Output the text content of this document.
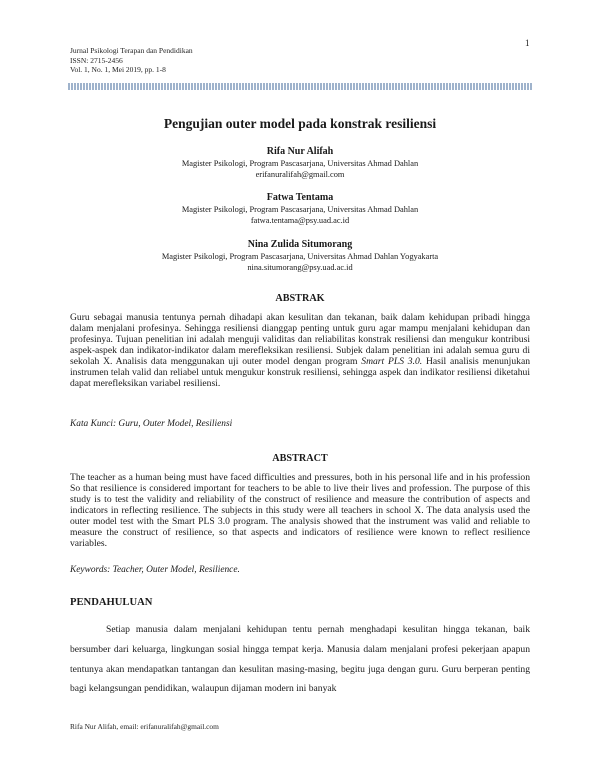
1
Jurnal Psikologi Terapan dan Pendidikan
ISSN: 2715-2456
Vol. 1, No. 1, Mei 2019, pp. 1-8
Pengujian outer model pada konstrak resiliensi
Rifa Nur Alifah
Magister Psikologi, Program Pascasarjana, Universitas Ahmad Dahlan
erifanuralifah@gmail.com
Fatwa Tentama
Magister Psikologi, Program Pascasarjana, Universitas Ahmad Dahlan
fatwa.tentama@psy.uad.ac.id
Nina Zulida Situmorang
Magister Psikologi, Program Pascasarjana, Universitas Ahmad Dahlan Yogyakarta
nina.situmorang@psy.uad.ac.id
ABSTRAK
Guru sebagai manusia tentunya pernah dihadapi akan kesulitan dan tekanan, baik dalam kehidupan pribadi hingga dalam menjalani profesinya. Sehingga resiliensi dianggap penting untuk guru agar mampu menjalani kehidupan dan profesinya. Tujuan penelitian ini adalah menguji validitas dan reliabilitas konstrak resiliensi dan mengukur kontribusi aspek-aspek dan indikator-indikator dalam merefleksikan resiliensi. Subjek dalam penelitian ini adalah semua guru di sekolah X. Analisis data menggunakan uji outer model dengan program Smart PLS 3.0. Hasil analisis menunjukan instrumen telah valid dan reliabel untuk mengukur konstruk resiliensi, sehingga aspek dan indikator resiliensi diketahui dapat merefleksikan variabel resiliensi.
Kata Kunci: Guru, Outer Model, Resiliensi
ABSTRACT
The teacher as a human being must have faced difficulties and pressures, both in his personal life and in his profession So that resilience is considered important for teachers to be able to live their lives and profession. The purpose of this study is to test the validity and reliability of the construct of resilience and measure the contribution of aspects and indicators in reflecting resilience. The subjects in this study were all teachers in school X. The data analysis used the outer model test with the Smart PLS 3.0 program. The analysis showed that the instrument was valid and reliable to measure the construct of resilience, so that aspects and indicators of resilience were known to reflect resilience variables.
Keywords: Teacher, Outer Model, Resilience.
PENDAHULUAN
Setiap manusia dalam menjalani kehidupan tentu pernah menghadapi kesulitan hingga tekanan, baik bersumber dari keluarga, lingkungan sosial hingga tempat kerja. Manusia dalam menjalani profesi pekerjaan apapun tentunya akan mendapatkan tantangan dan kesulitan masing-masing, begitu juga dengan guru. Guru berperan penting bagi kelangsungan pendidikan, walaupun dijaman modern ini banyak
Rifa Nur Alifah, email: erifanuralifah@gmail.com
